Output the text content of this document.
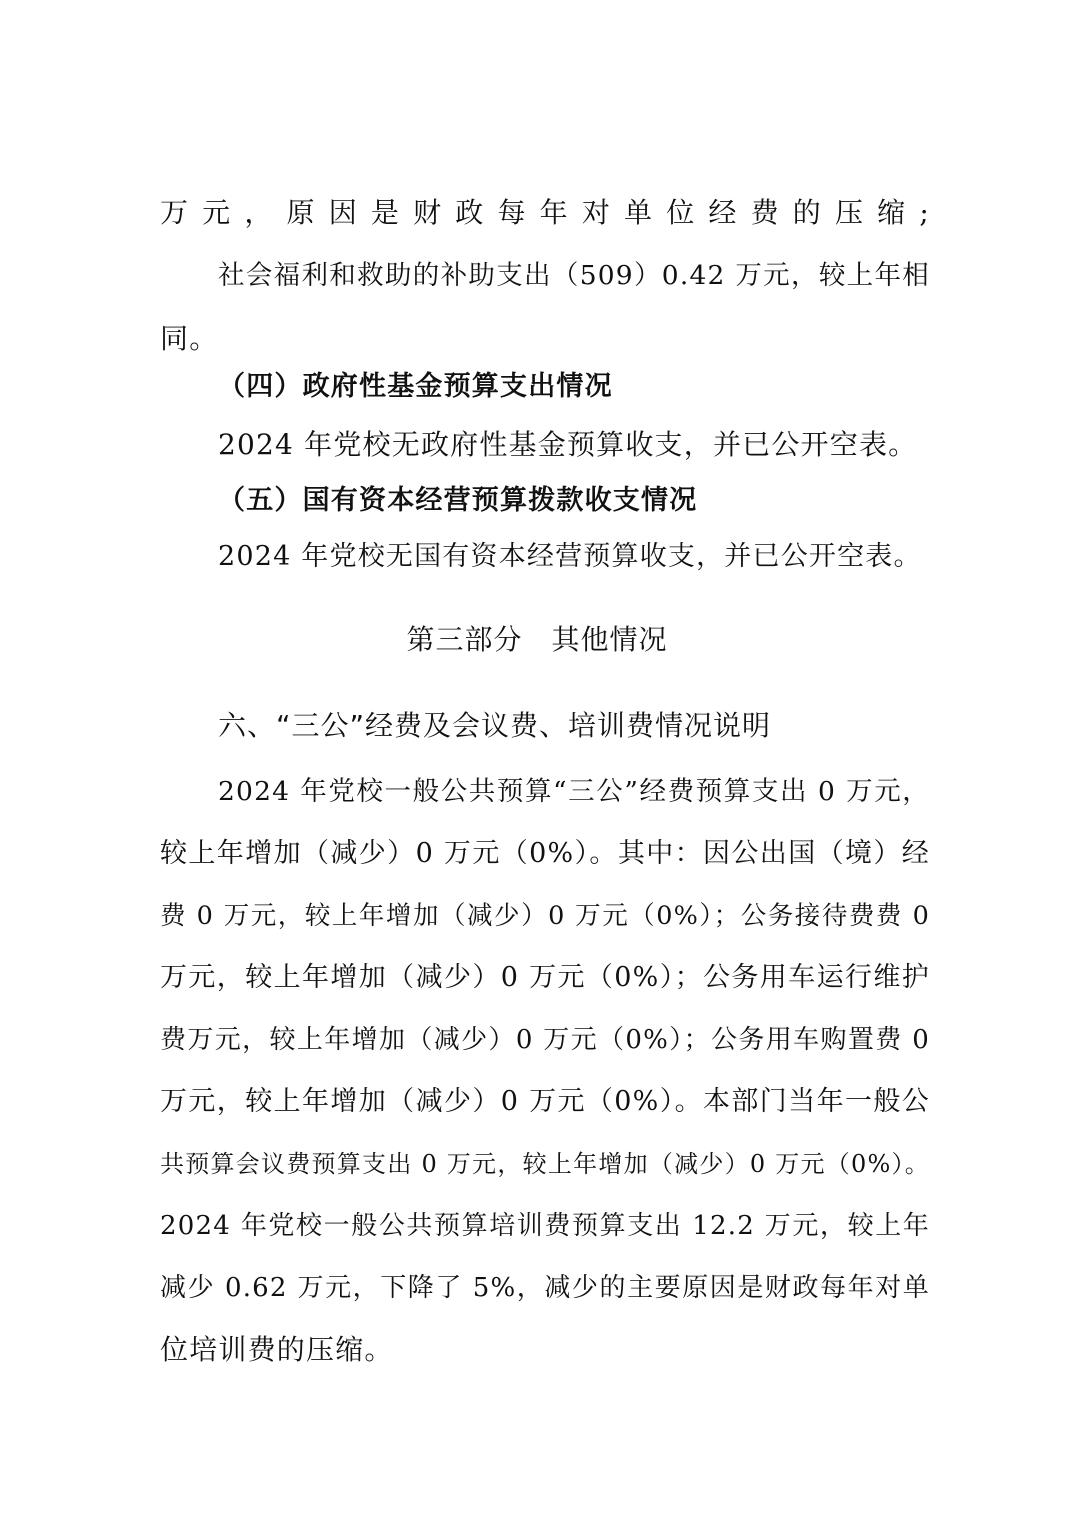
万元，原因是财政每年对单位经费的压缩;
社会福利和救助的补助支出（509）0.42 万元，较上年相
同。
（四）政府性基金预算支出情况
2024 年党校无政府性基金预算收支，并已公开空表。
（五）国有资本经营预算拨款收支情况
2024 年党校无国有资本经营预算收支，并已公开空表。
第三部分　其他情况
六、“三公”经费及会议费、培训费情况说明
2024 年党校一般公共预算“三公”经费预算支出 0 万元，
较上年增加（减少）0 万元（0%）。其中：因公出国（境）经
费 0 万元，较上年增加（减少）0 万元（0%）；公务接待费费 0
万元，较上年增加（减少）0 万元（0%）；公务用车运行维护
费万元，较上年增加（减少）0 万元（0%）；公务用车购置费 0
万元，较上年增加（减少）0 万元（0%）。本部门当年一般公
共预算会议费预算支出 0 万元，较上年增加（减少）0 万元（0%）。
2024 年党校一般公共预算培训费预算支出 12.2 万元，较上年
减少 0.62 万元，下降了 5%，减少的主要原因是财政每年对单
位培训费的压缩。
